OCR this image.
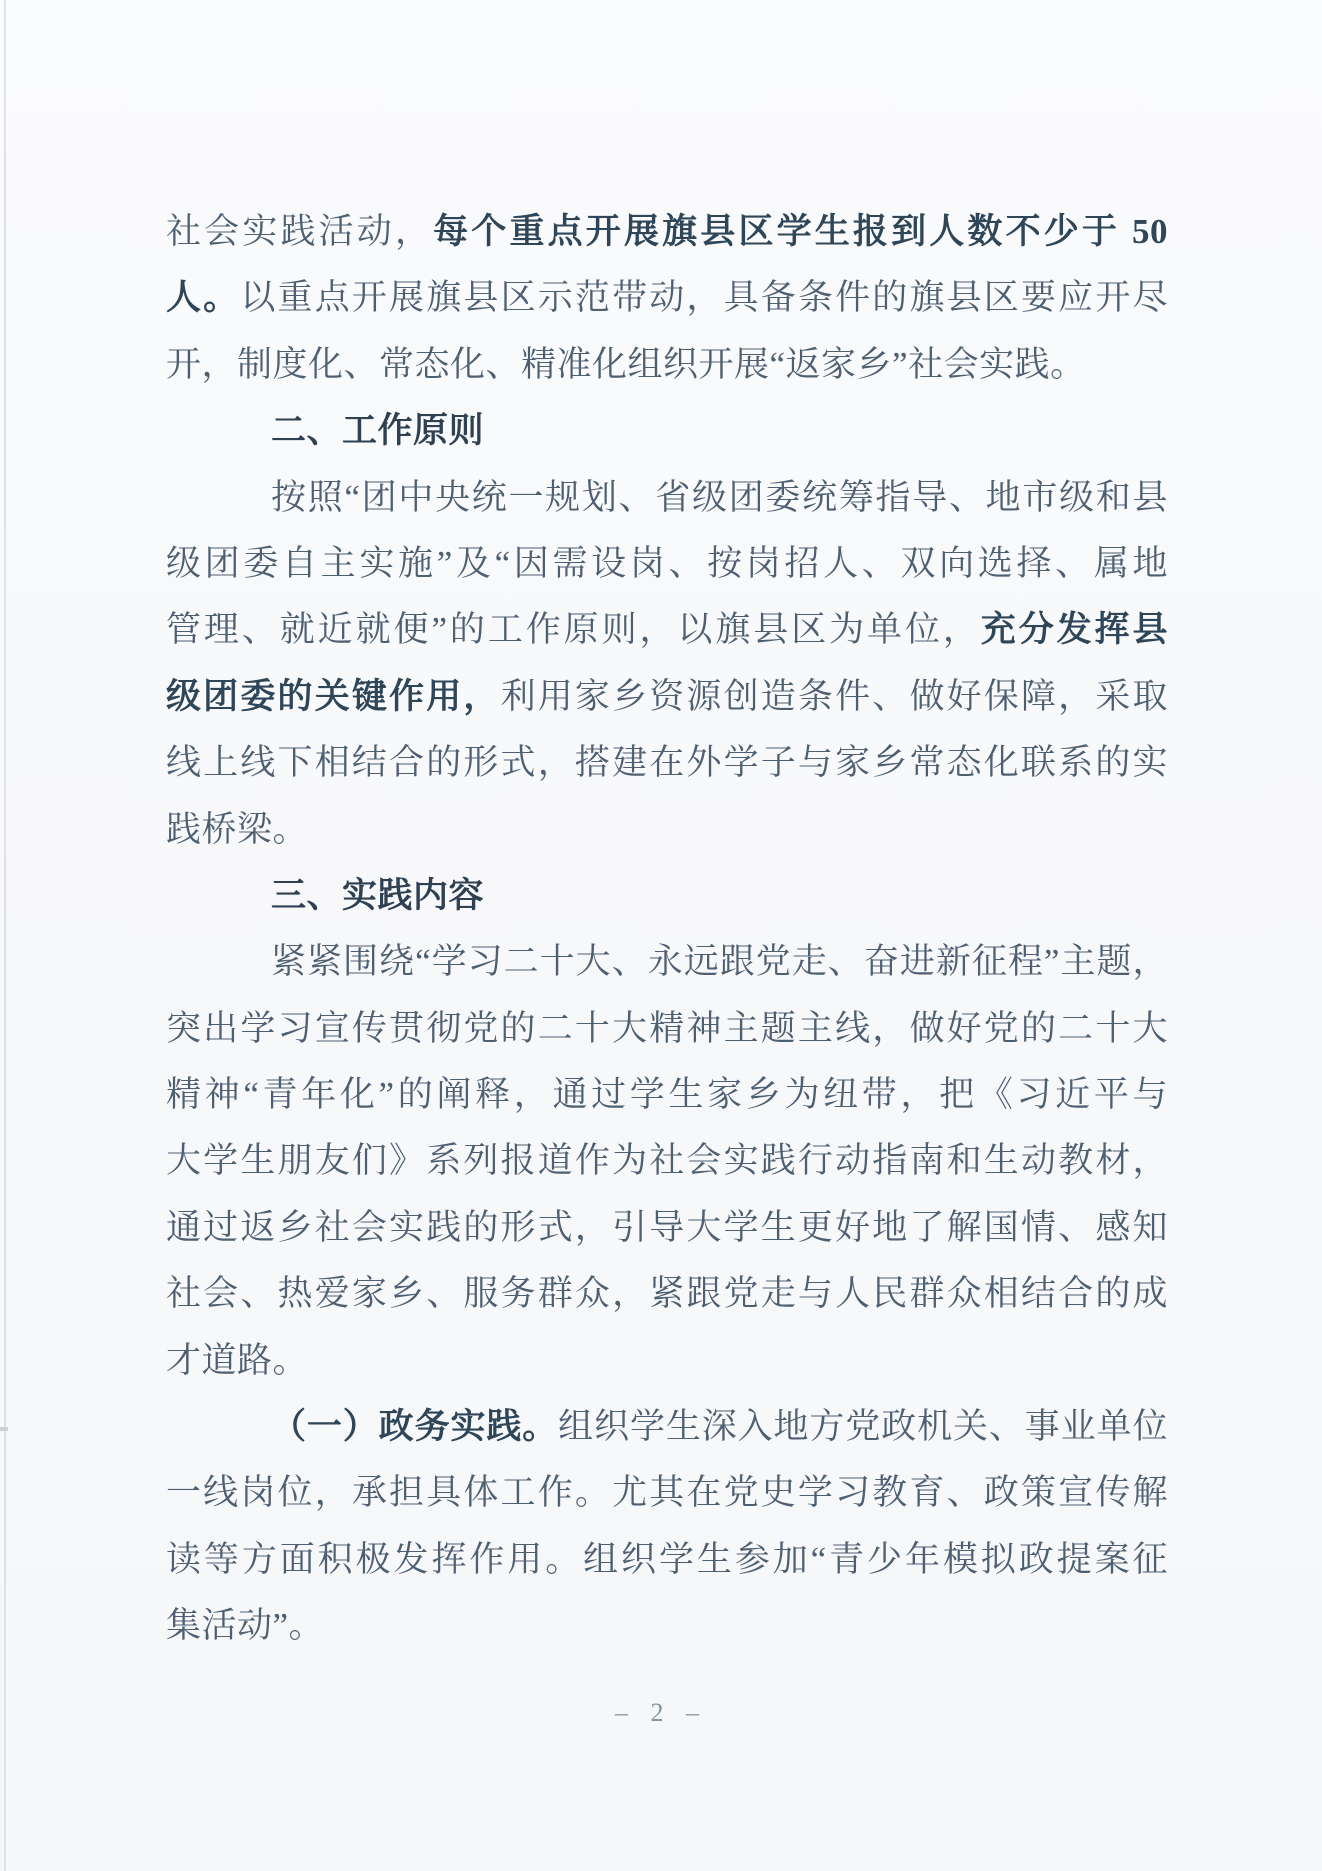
社会实践活动，每个重点开展旗县区学生报到人数不少于 50
人。以重点开展旗县区示范带动，具备条件的旗县区要应开尽
开，制度化、常态化、精准化组织开展“返家乡”社会实践。
二、工作原则
按照“团中央统一规划、省级团委统筹指导、地市级和县
级团委自主实施”及“因需设岗、按岗招人、双向选择、属地
管理、就近就便”的工作原则，以旗县区为单位，充分发挥县
级团委的关键作用，利用家乡资源创造条件、做好保障，采取
线上线下相结合的形式，搭建在外学子与家乡常态化联系的实
践桥梁。
三、实践内容
紧紧围绕“学习二十大、永远跟党走、奋进新征程”主题，
突出学习宣传贯彻党的二十大精神主题主线，做好党的二十大
精神“青年化”的阐释，通过学生家乡为纽带，把《习近平与
大学生朋友们》系列报道作为社会实践行动指南和生动教材，
通过返乡社会实践的形式，引导大学生更好地了解国情、感知
社会、热爱家乡、服务群众，紧跟党走与人民群众相结合的成
才道路。
（一）政务实践。组织学生深入地方党政机关、事业单位
一线岗位，承担具体工作。尤其在党史学习教育、政策宣传解
读等方面积极发挥作用。组织学生参加“青少年模拟政提案征
集活动”。
– 2 –
